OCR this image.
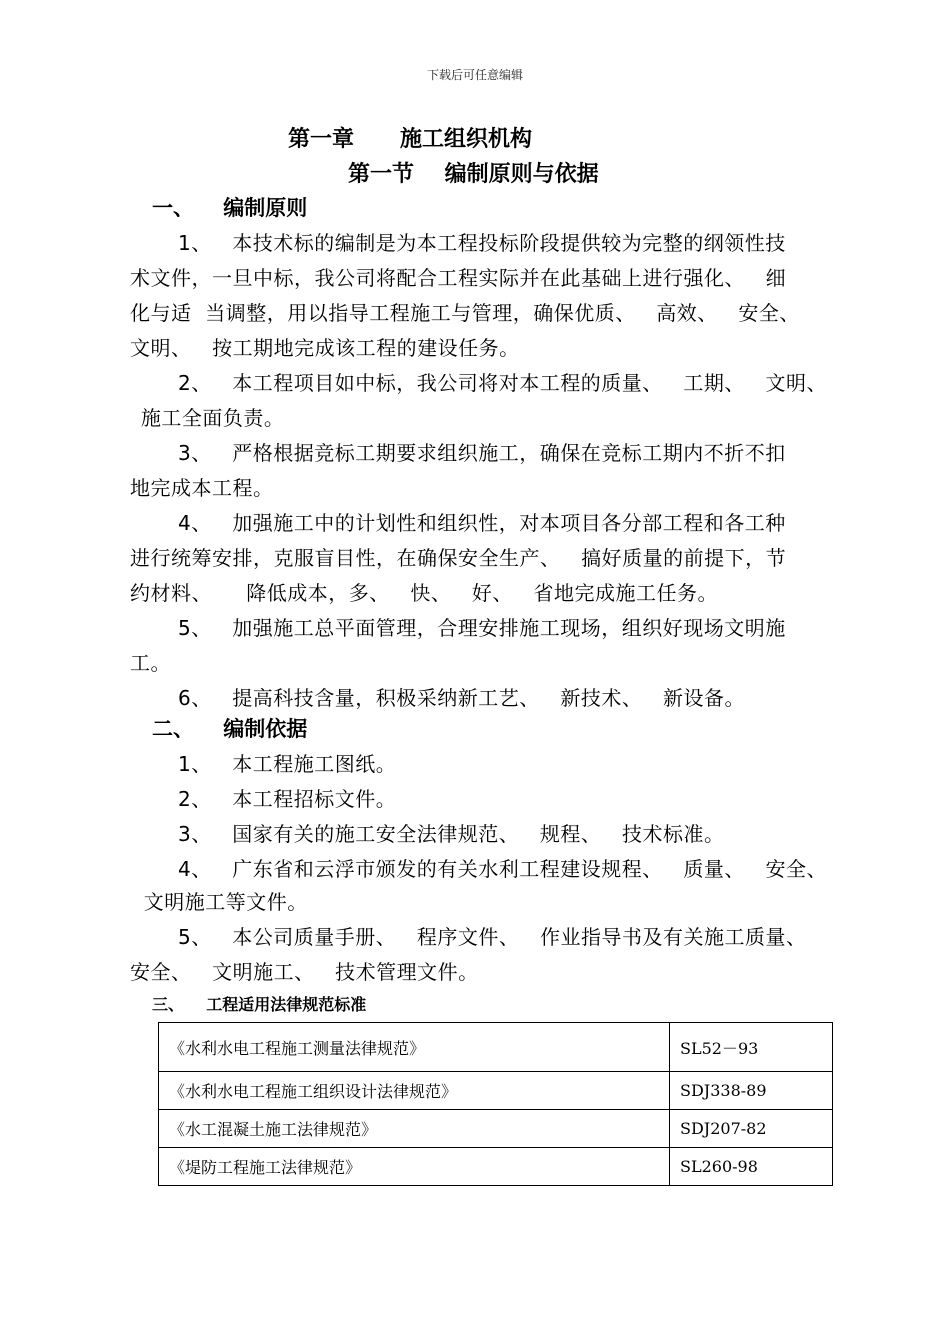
下载后可任意编辑
第一章      施工组织机构
第一节    编制原则与依据
一、    编制原则
1、   本技术标的编制是为本工程投标阶段提供较为完整的纲领性技
术文件，一旦中标，我公司将配合工程实际并在此基础上进行强化、   细
化与适  当调整，用以指导工程施工与管理，确保优质、   高效、   安全、
文明、   按工期地完成该工程的建设任务。
2、   本工程项目如中标，我公司将对本工程的质量、   工期、   文明、
施工全面负责。
3、   严格根据竞标工期要求组织施工，确保在竞标工期内不折不扣
地完成本工程。
4、   加强施工中的计划性和组织性，对本项目各分部工程和各工种
进行统筹安排，克服盲目性，在确保安全生产、   搞好质量的前提下，节
约材料、     降低成本，多、   快、   好、   省地完成施工任务。
5、   加强施工总平面管理，合理安排施工现场，组织好现场文明施
工。
6、   提高科技含量，积极采纳新工艺、   新技术、   新设备。
二、    编制依据
1、   本工程施工图纸。
2、   本工程招标文件。
3、   国家有关的施工安全法律规范、   规程、   技术标准。
4、   广东省和云浮市颁发的有关水利工程建设规程、   质量、   安全、
文明施工等文件。
5、   本公司质量手册、   程序文件、   作业指导书及有关施工质量、
安全、   文明施工、   技术管理文件。
三、    工程适用法律规范标准
《水利水电工程施工测量法律规范》	SL52－93
《水利水电工程施工组织设计法律规范》	SDJ338-89
《水工混凝土施工法律规范》	SDJ207-82
《堤防工程施工法律规范》	SL260-98
